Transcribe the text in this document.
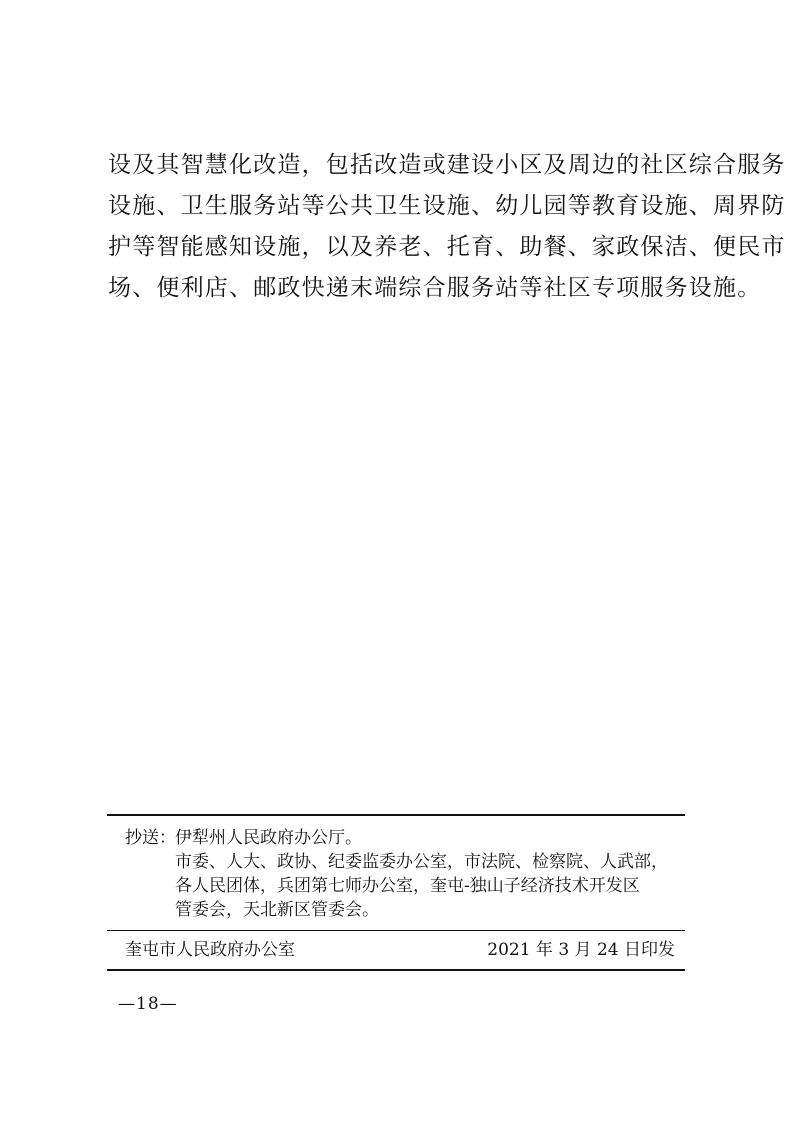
设及其智慧化改造，包括改造或建设小区及周边的社区综合服务
设施、卫生服务站等公共卫生设施、幼儿园等教育设施、周界防
护等智能感知设施，以及养老、托育、助餐、家政保洁、便民市
场、便利店、邮政快递末端综合服务站等社区专项服务设施。
抄送： 伊犁州人民政府办公厅。
市委、人大、政协、纪委监委办公室，市法院、检察院、人武部，
各人民团体，兵团第七师办公室，奎屯-独山子经济技术开发区
管委会，天北新区管委会。
奎屯市人民政府办公室	2021 年 3 月 24 日印发
—18—
